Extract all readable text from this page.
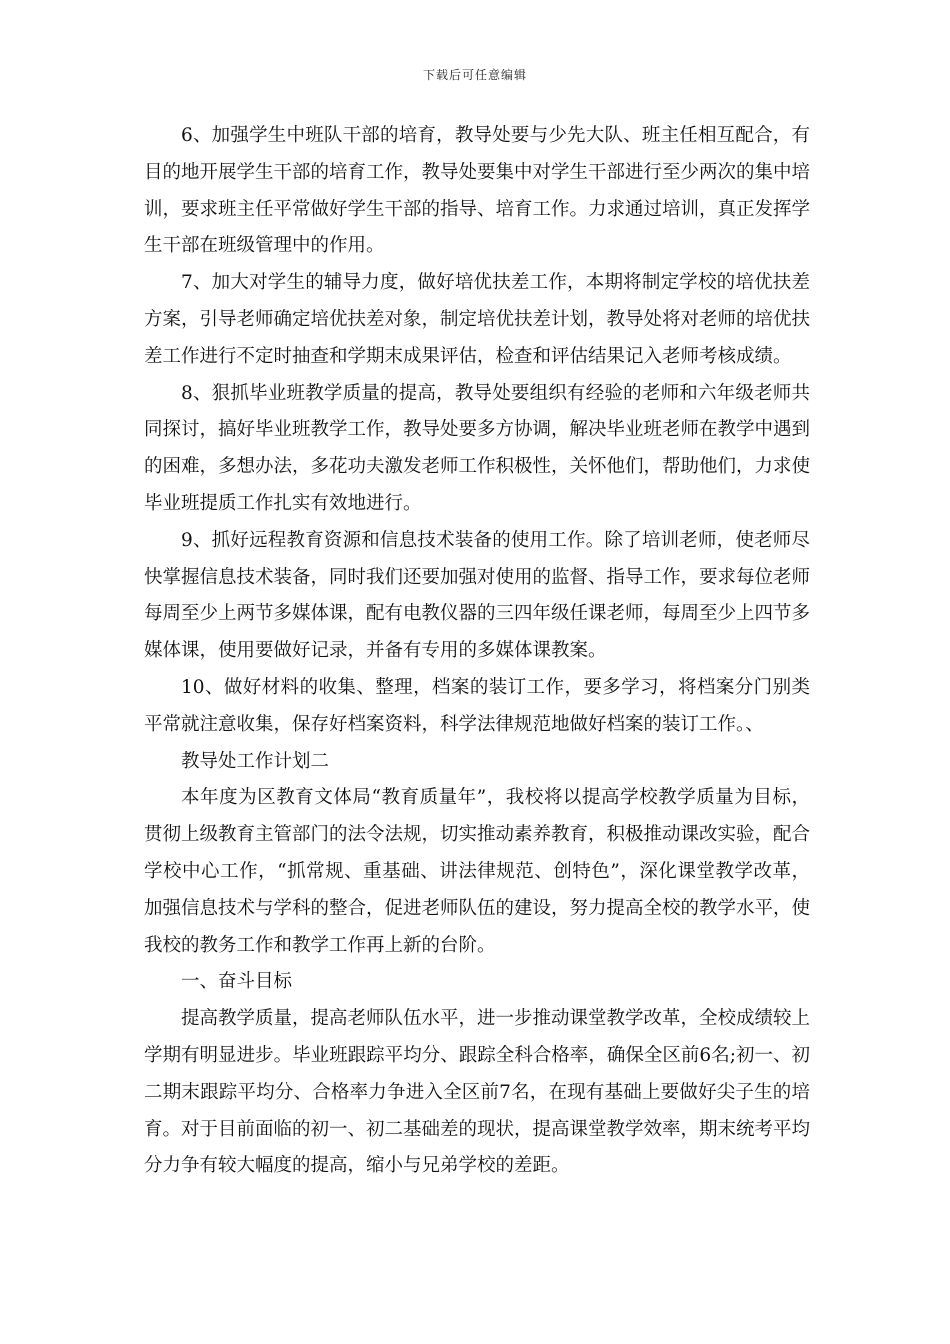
下载后可任意编辑

6、加强学生中班队干部的培育，教导处要与少先大队、班主任相互配合，有目的地开展学生干部的培育工作，教导处要集中对学生干部进行至少两次的集中培训，要求班主任平常做好学生干部的指导、培育工作。力求通过培训，真正发挥学生干部在班级管理中的作用。

7、加大对学生的辅导力度，做好培优扶差工作，本期将制定学校的培优扶差方案，引导老师确定培优扶差对象，制定培优扶差计划，教导处将对老师的培优扶差工作进行不定时抽查和学期末成果评估，检查和评估结果记入老师考核成绩。

8、狠抓毕业班教学质量的提高，教导处要组织有经验的老师和六年级老师共同探讨，搞好毕业班教学工作，教导处要多方协调，解决毕业班老师在教学中遇到的困难，多想办法，多花功夫激发老师工作积极性，关怀他们，帮助他们，力求使毕业班提质工作扎实有效地进行。

9、抓好远程教育资源和信息技术装备的使用工作。除了培训老师，使老师尽快掌握信息技术装备，同时我们还要加强对使用的监督、指导工作，要求每位老师每周至少上两节多媒体课，配有电教仪器的三四年级任课老师，每周至少上四节多媒体课，使用要做好记录，并备有专用的多媒体课教案。

10、做好材料的收集、整理，档案的装订工作，要多学习，将档案分门别类平常就注意收集，保存好档案资料，科学法律规范地做好档案的装订工作。、

教导处工作计划二

本年度为区教育文体局“教育质量年”，我校将以提高学校教学质量为目标，贯彻上级教育主管部门的法令法规，切实推动素养教育，积极推动课改实验，配合学校中心工作，“抓常规、重基础、讲法律规范、创特色”，深化课堂教学改革，加强信息技术与学科的整合，促进老师队伍的建设，努力提高全校的教学水平，使我校的教务工作和教学工作再上新的台阶。

一、奋斗目标

提高教学质量，提高老师队伍水平，进一步推动课堂教学改革，全校成绩较上学期有明显进步。毕业班跟踪平均分、跟踪全科合格率，确保全区前6名;初一、初二期末跟踪平均分、合格率力争进入全区前7名，在现有基础上要做好尖子生的培育。对于目前面临的初一、初二基础差的现状，提高课堂教学效率，期末统考平均分力争有较大幅度的提高，缩小与兄弟学校的差距。
